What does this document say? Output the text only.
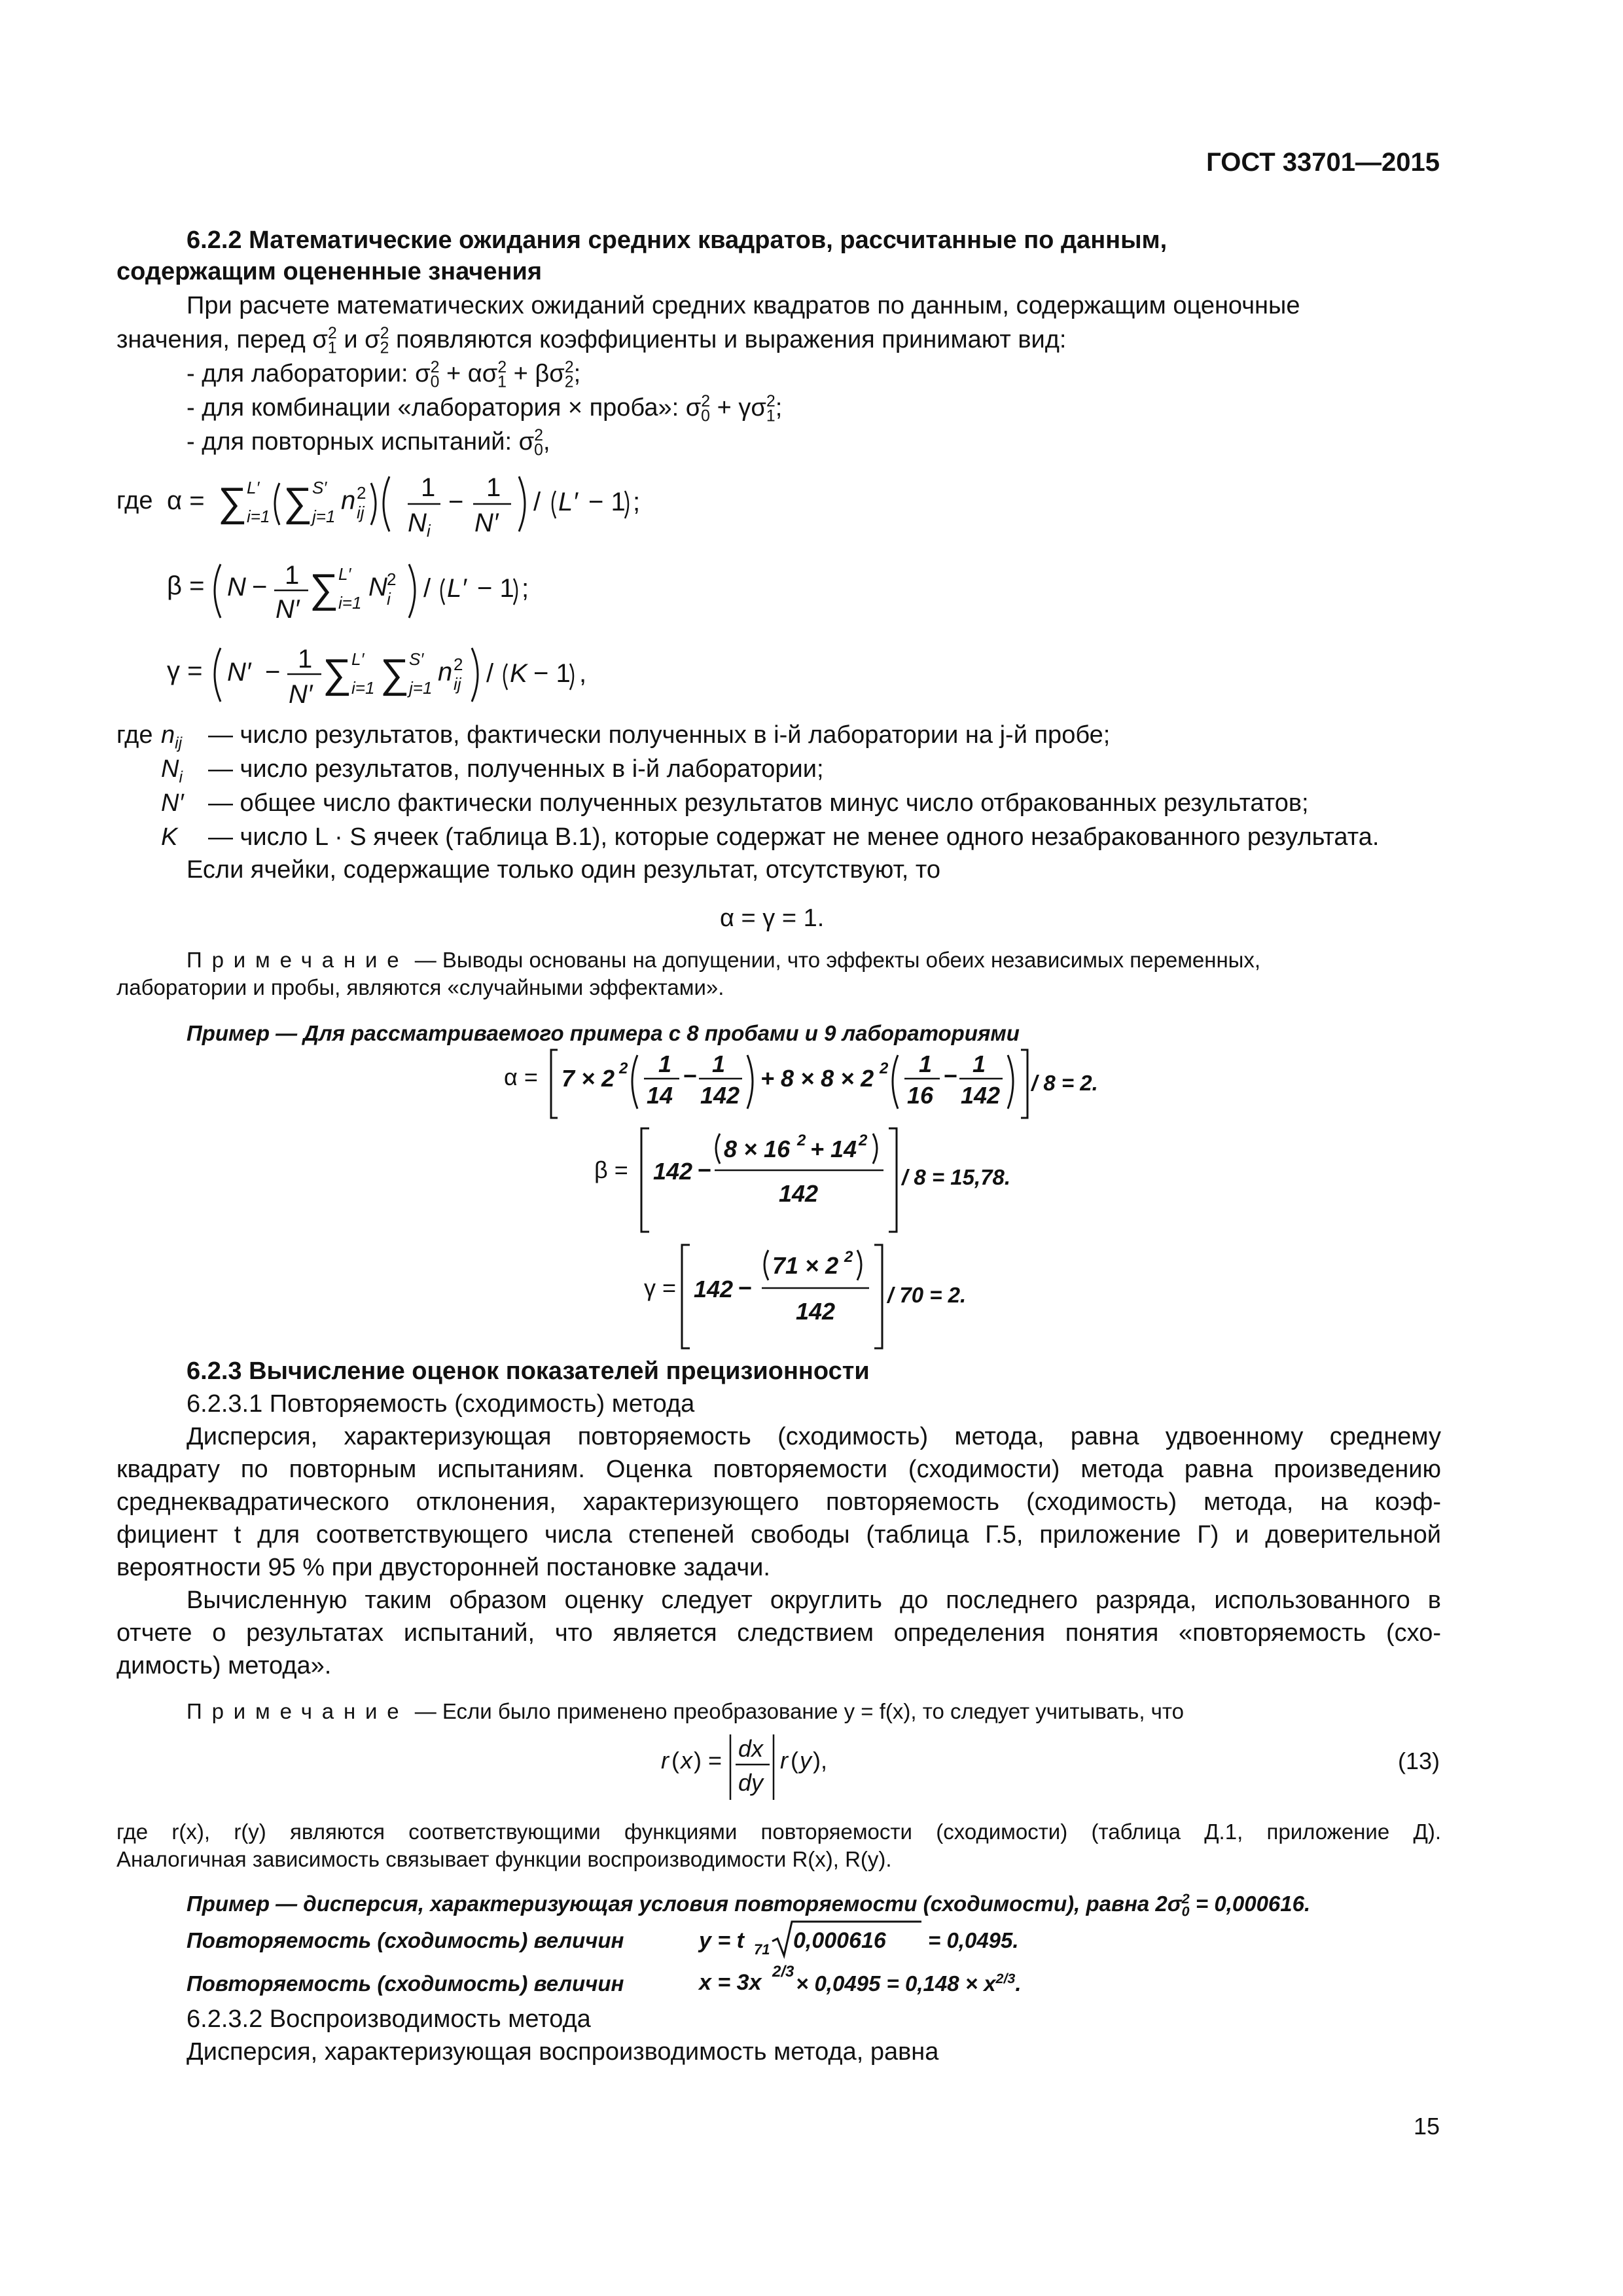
ГОСТ 33701—2015
6.2.2 Математические ожидания средних квадратов, рассчитанные по данным,
содержащим оцененные значения
При расчете математических ожиданий средних квадратов по данным, содержащим оценочные
значения, перед $\sigma_1^2$ и $\sigma_2^2$ появляются коэффициенты и выражения принимают вид:
- для лаборатории: $\sigma_0^2 + \alpha\sigma_1^2 + \beta\sigma_2^2$;
- для комбинации «лаборатория × проба»: $\sigma_0^2 + \gamma\sigma_1^2$;
- для повторных испытаний: $\sigma_0^2$,
где α = ∑ L′
i=1 ∑ S′
j=1
n 2
ij
1
$N_i$
− 1
N′
/ L′ − 1 ;
β = N − 1
N′ ∑ L′
i=1
N 2
i / L′ − 1 ;
γ = N′ − 1
N′ ∑ L′
i=1 ∑ S′
j=1
n 2
ij / K − 1 ,
где $n_{ij}$ — число результатов, фактически полученных в i-й лаборатории на j-й пробе;
$N_i$ — число результатов, полученных в i-й лаборатории;
N′ — общее число фактически полученных результатов минус число отбракованных результатов;
K — число L · S ячеек (таблица В.1), которые содержат не менее одного незабракованного результата.
Если ячейки, содержащие только один результат, отсутствуют, то
α = γ = 1.
Примечание — Выводы основаны на допущении, что эффекты обеих независимых переменных,
лаборатории и пробы, являются «случайными эффектами».
Пример — Для рассматриваемого примера с 8 пробами и 9 лабораториями
α = 7 × 2 2 1
14
− 1
142
+ 8 × 8 × 2 2 1
16
− 1
142 / 8 = 2.
β = 142 −
8 × 16 2 + 14 2
142
/ 8 = 15,78.
γ = 142 −
71 × 2 2
142
/ 70 = 2.
6.2.3 Вычисление оценок показателей прецизионности
6.2.3.1 Повторяемость (сходимость) метода
Дисперсия, характеризующая повторяемость (сходимость) метода, равна удвоенному среднему
квадрату по повторным испытаниям. Оценка повторяемости (сходимости) метода равна произведению
среднеквадратического отклонения, характеризующего повторяемость (сходимость) метода, на коэф-
фициент t для соответствующего числа степеней свободы (таблица Г.5, приложение Г) и доверительной
вероятности 95 % при двусторонней постановке задачи.
Вычисленную таким образом оценку следует округлить до последнего разряда, использованного в
отчете о результатах испытаний, что является следствием определения понятия «повторяемость (схо-
димость) метода».
Примечание — Если было применено преобразование y = f(x), то следует учитывать, что
r ( x ) = dx
dy
r ( y ),	(13)
где r(x), r(y) являются соответствующими функциями повторяемости (сходимости) (таблица Д.1, приложение Д).
Аналогичная зависимость связывает функции воспроизводимости R(x), R(y).
Пример — дисперсия, характеризующая условия повторяемости (сходимости), равна $2\sigma_0^2 = 0,000616$.
Повторяемость (сходимость) величин	y = t 71 0,000616 = 0,0495.
Повторяемость (сходимость) величин	x = 3x $2/3 \times 0,0495 = 0,148 \times x^{2/3}$.
6.2.3.2 Воспроизводимость метода
Дисперсия, характеризующая воспроизводимость метода, равна
15
